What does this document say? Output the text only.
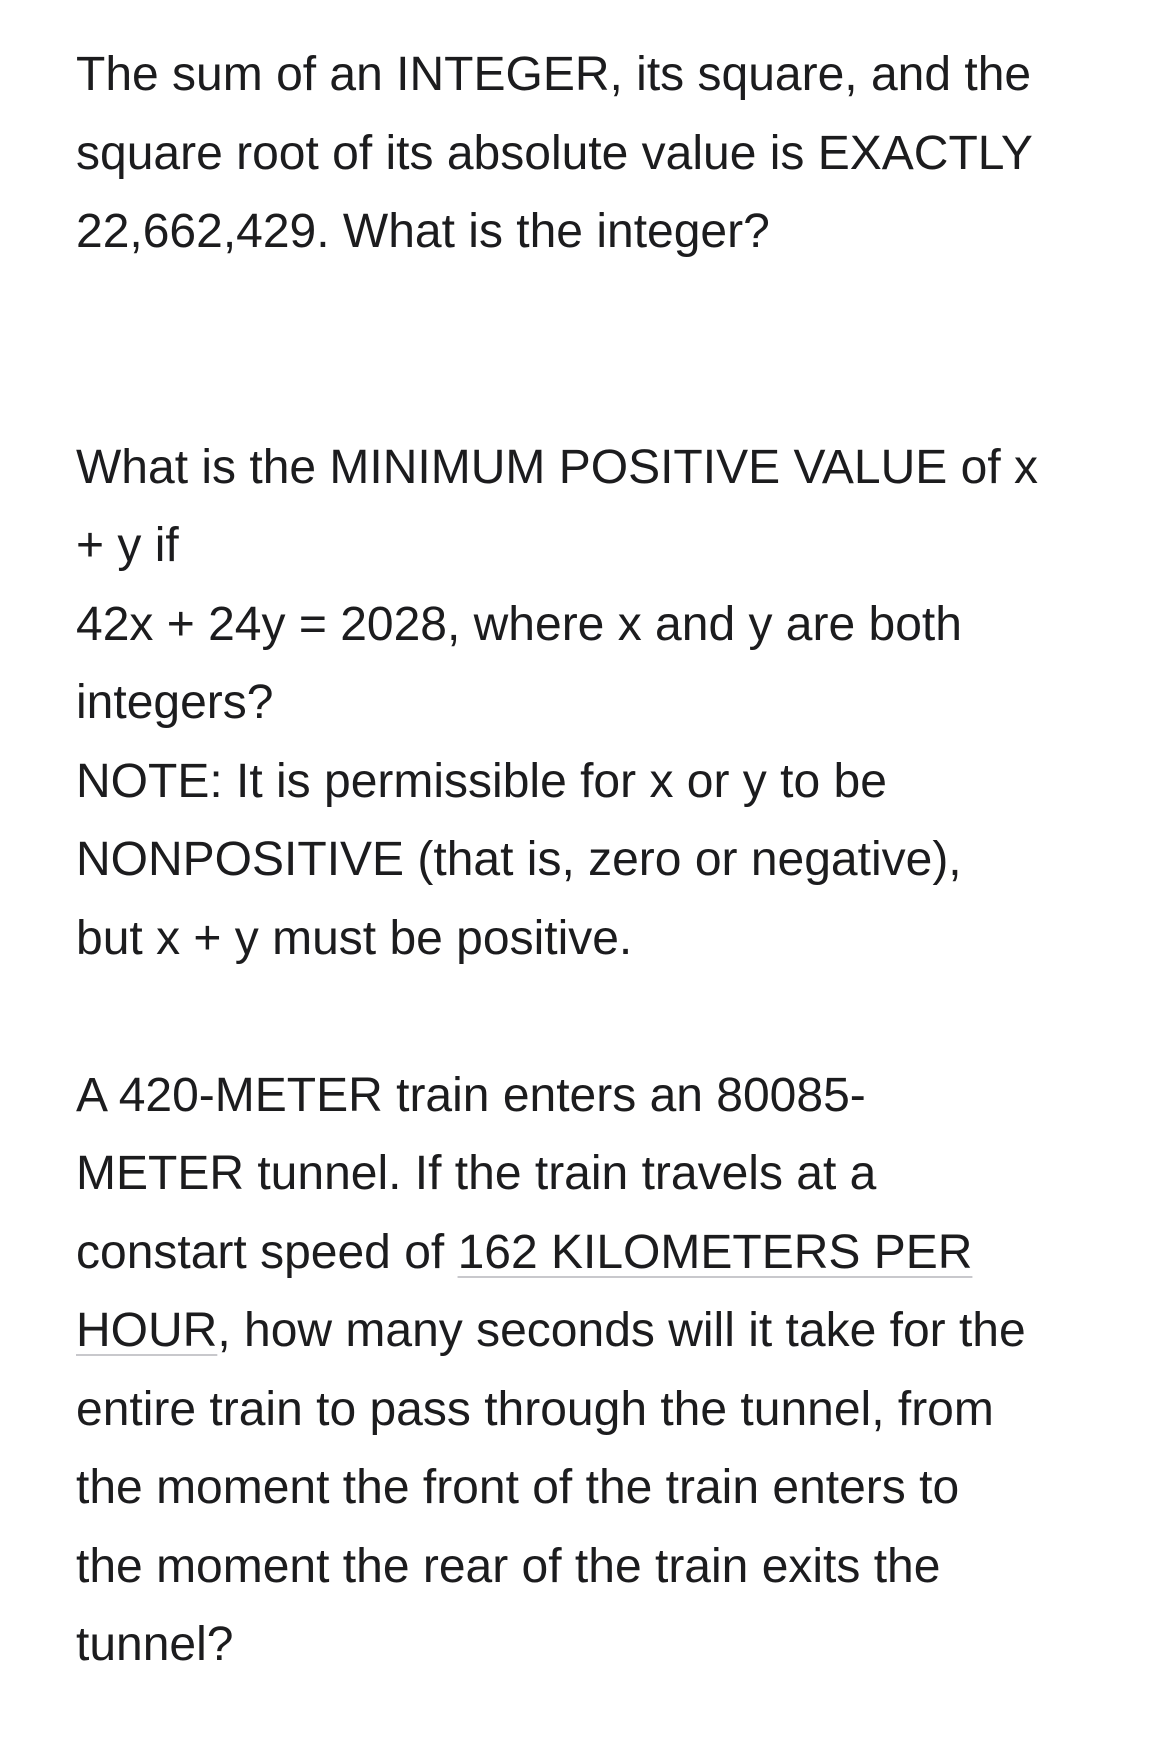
The sum of an INTEGER, its square, and the

square root of its absolute value is EXACTLY

22,662,429. What is the integer?

What is the MINIMUM POSITIVE VALUE of x

+ y if

42x + 24y = 2028, where x and y are both

integers?

NOTE: It is permissible for x or y to be

NONPOSITIVE (that is, zero or negative),

but x + y must be positive.

A 420-METER train enters an 80085-

METER tunnel. If the train travels at a

constart speed of 162 KILOMETERS PER

HOUR, how many seconds will it take for the

entire train to pass through the tunnel, from

the moment the front of the train enters to

the moment the rear of the train exits the

tunnel?
